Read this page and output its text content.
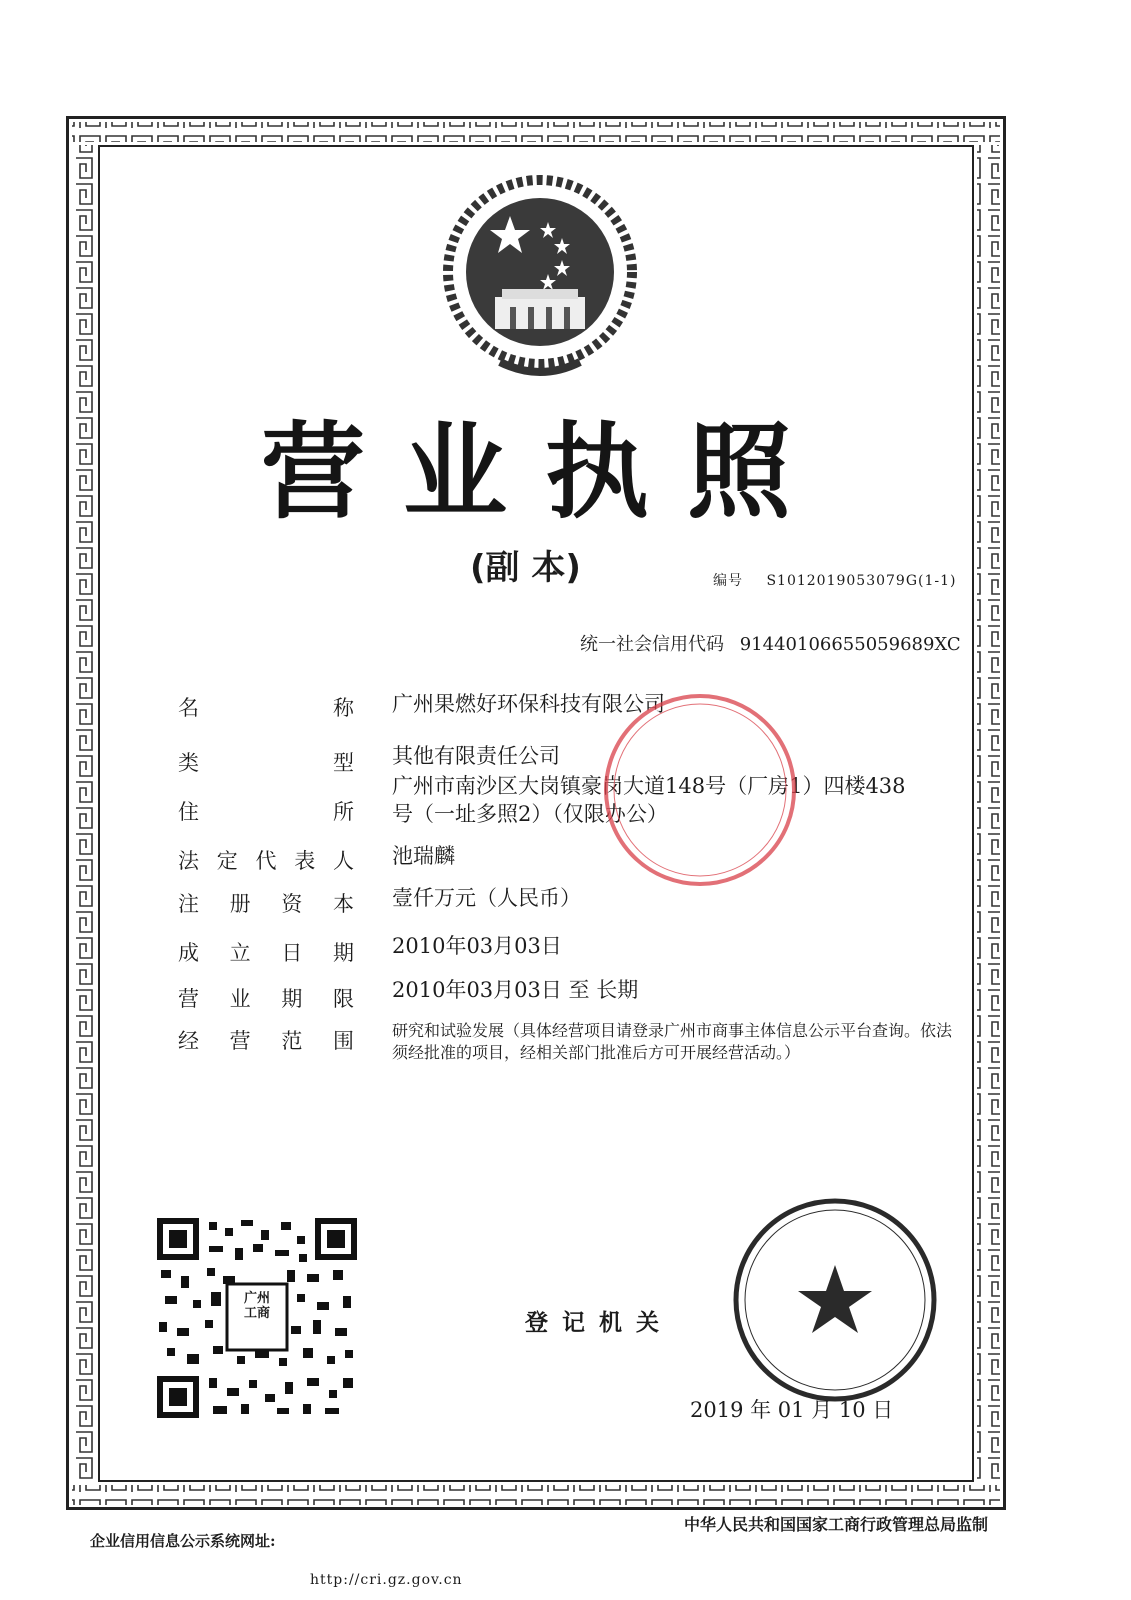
营业执照
(副 本)	编号 S1012019053079G(1-1)
统一社会信用代码 91440106655059689XC
名	称 广州果燃好环保科技有限公司
类	型 其他有限责任公司
住	所
广州市南沙区大岗镇豪岗大道148号（厂房1）四楼438号（一址多照2）（仅限办公）
法 定 代 表 人 池瑞麟
注 册 资 本 壹仟万元（人民币）
成 立 日 期 2010年03月03日
营 业 期 限 2010年03月03日 至 长期
经 营 范 围 研究和试验发展（具体经营项目请登录广州市商事主体信息公示平台查询。依法须经批准的项目，经相关部门批准后方可开展经营活动。）
广州工商	登记机关
2019 年 01 月 10 日
企业信用信息公示系统网址:
http://cri.gz.gov.cn
中华人民共和国国家工商行政管理总局监制
